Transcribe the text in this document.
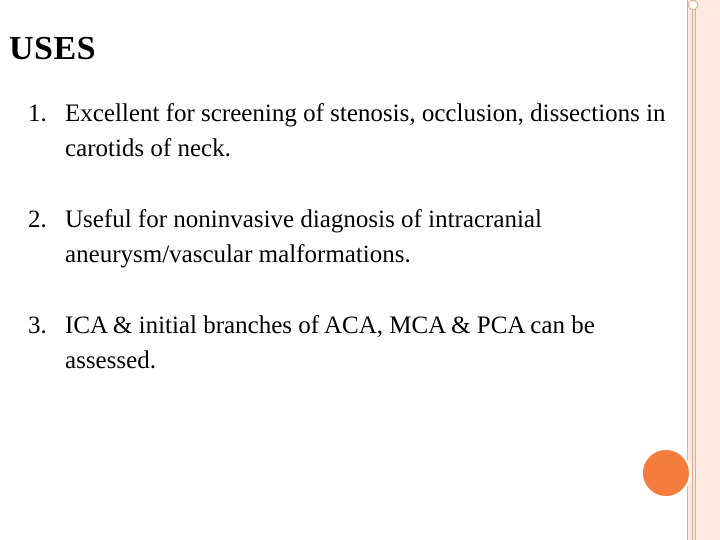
USES
1. Excellent for screening of stenosis, occlusion, dissections in carotids of neck.
2. Useful for noninvasive diagnosis of intracranial aneurysm/vascular malformations.
3. ICA & initial branches of ACA, MCA & PCA can be assessed.
